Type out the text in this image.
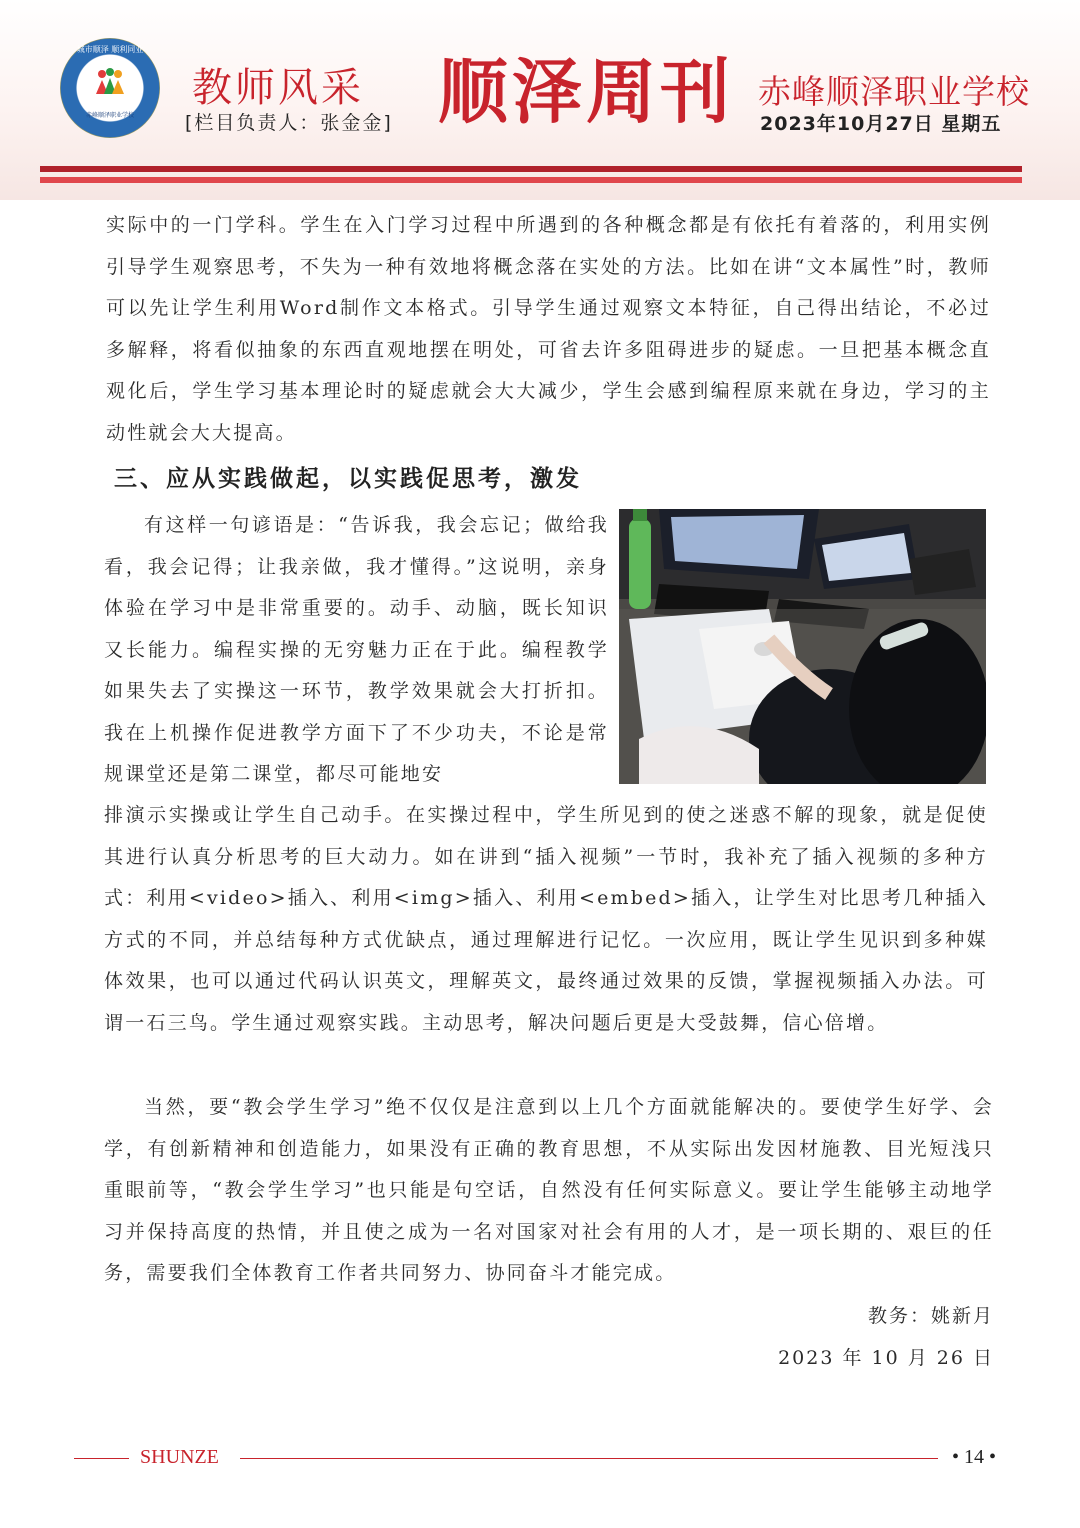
城市顺泽 顺利同业
赤峰顺泽职业学校
教师风采
[栏目负责人：张金金] 顺泽周刊 赤峰顺泽职业学校
2023年10月27日 星期五
实际中的一门学科。学生在入门学习过程中所遇到的各种概念都是有依托有着落的，利用实例引导学生观察思考，不失为一种有效地将概念落在实处的方法。比如在讲“文本属性”时，教师可以先让学生利用Word制作文本格式。引导学生通过观察文本特征，自己得出结论，不必过多解释，将看似抽象的东西直观地摆在明处，可省去许多阻碍进步的疑虑。一旦把基本概念直观化后，学生学习基本理论时的疑虑就会大大减少，学生会感到编程原来就在身边，学习的主动性就会大大提高。
三、应从实践做起，以实践促思考，激发
有这样一句谚语是：“告诉我，我会忘记；做给我看，我会记得；让我亲做，我才懂得。”这说明，亲身体验在学习中是非常重要的。动手、动脑，既长知识又长能力。编程实操的无穷魅力正在于此。编程教学如果失去了实操这一环节，教学效果就会大打折扣。我在上机操作促进教学方面下了不少功夫，不论是常规课堂还是第二课堂，都尽可能地安
排演示实操或让学生自己动手。在实操过程中，学生所见到的使之迷惑不解的现象，就是促使其进行认真分析思考的巨大动力。如在讲到“插入视频”一节时，我补充了插入视频的多种方式：利用<video>插入、利用<img>插入、利用<embed>插入，让学生对比思考几种插入方式的不同，并总结每种方式优缺点，通过理解进行记忆。一次应用，既让学生见识到多种媒体效果，也可以通过代码认识英文，理解英文，最终通过效果的反馈，掌握视频插入办法。可谓一石三鸟。学生通过观察实践。主动思考，解决问题后更是大受鼓舞，信心倍增。
当然，要“教会学生学习”绝不仅仅是注意到以上几个方面就能解决的。要使学生好学、会学，有创新精神和创造能力，如果没有正确的教育思想，不从实际出发因材施教、目光短浅只重眼前等，“教会学生学习”也只能是句空话，自然没有任何实际意义。要让学生能够主动地学习并保持高度的热情，并且使之成为一名对国家对社会有用的人才，是一项长期的、艰巨的任务，需要我们全体教育工作者共同努力、协同奋斗才能完成。
教务：姚新月
2023 年 10 月 26 日
SHUNZE	• 14 •
